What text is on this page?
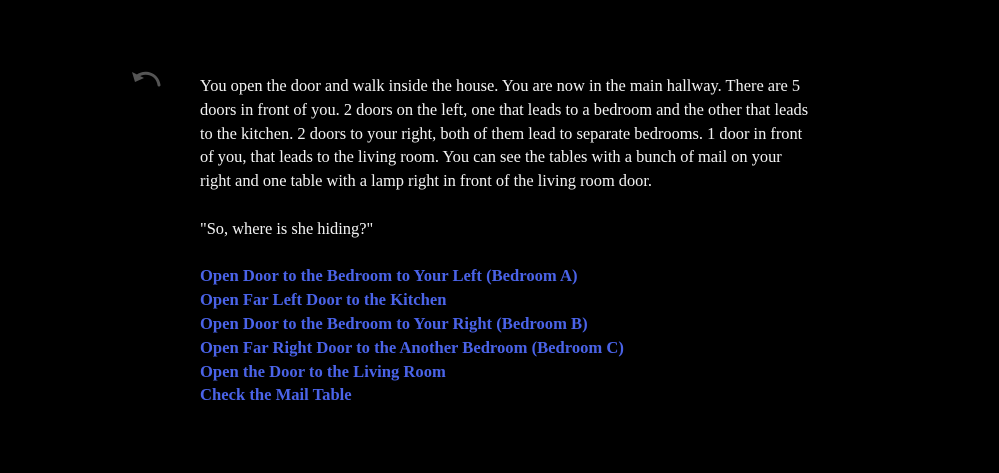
You open the door and walk inside the house. You are now in the main hallway. There are 5 doors in front of you. 2 doors on the left, one that leads to a bedroom and the other that leads to the kitchen. 2 doors to your right, both of them lead to separate bedrooms. 1 door in front of you, that leads to the living room. You can see the tables with a bunch of mail on your right and one table with a lamp right in front of the living room door.

"So, where is she hiding?"

Open Door to the Bedroom to Your Left (Bedroom A)
Open Far Left Door to the Kitchen
Open Door to the Bedroom to Your Right (Bedroom B)
Open Far Right Door to the Another Bedroom (Bedroom C)
Open the Door to the Living Room
Check the Mail Table
